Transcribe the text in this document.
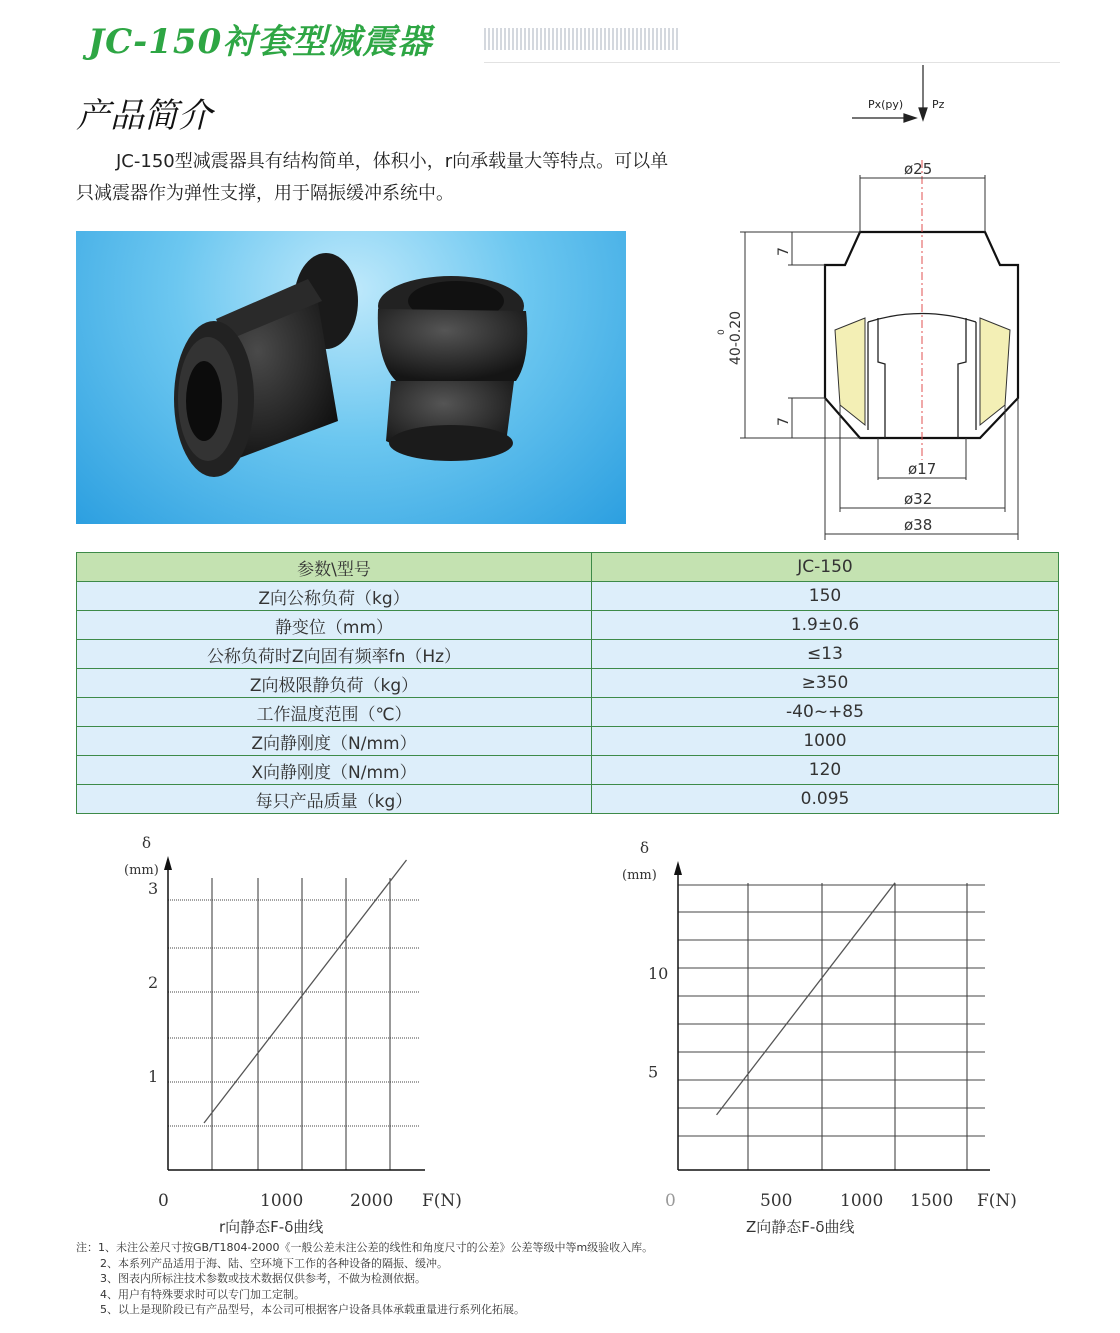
JC-150衬套型减震器
产品简介
JC-150型减震器具有结构简单，体积小，r向承载量大等特点。可以单只减震器作为弹性支撑，用于隔振缓冲系统中。
Px(py)	Pz
ø25
ø17
ø32
ø38
40-0.20
0
7
7
参数\型号	JC-150
Z向公称负荷（kg）	150
静变位（mm）	1.9±0.6
公称负荷时Z向固有频率fn（Hz）	≤13
Z向极限静负荷（kg）	≥350
工作温度范围（℃）	-40~+85
Z向静刚度（N/mm）	1000
X向静刚度（N/mm）	120
每只产品质量（kg）	0.095
δ
(mm)
1
2
3
0	1000	2000 F(N)
r向静态F-δ曲线
δ
(mm)
5
10
0	500	1000 1500 F(N)
Z向静态F-δ曲线
注：1、未注公差尺寸按GB/T1804-2000《一般公差未注公差的线性和角度尺寸的公差》公差等级中等m级验收入库。
2、本系列产品适用于海、陆、空环境下工作的各种设备的隔振、缓冲。
3、图表内所标注技术参数或技术数据仅供参考，不做为检测依据。
4、用户有特殊要求时可以专门加工定制。
5、以上是现阶段已有产品型号，本公司可根据客户设备具体承载重量进行系列化拓展。
